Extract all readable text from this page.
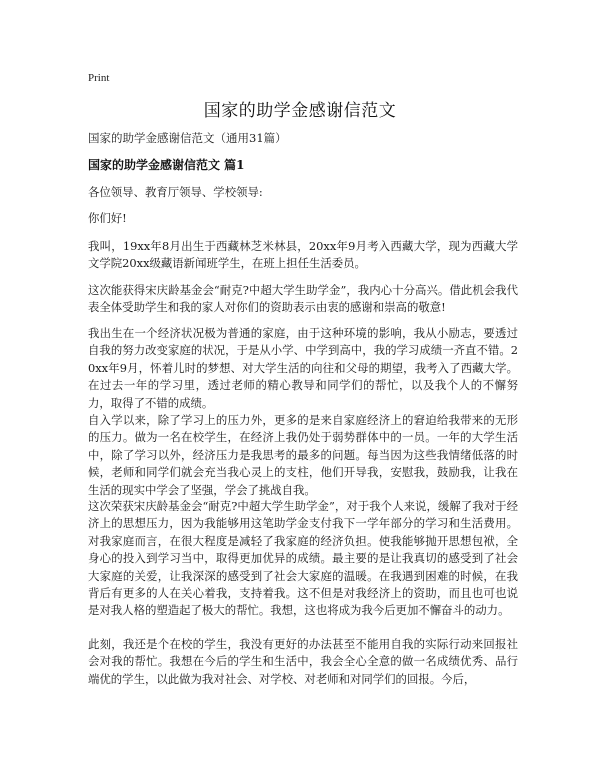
Print
国家的助学金感谢信范文

国家的助学金感谢信范文（通用31篇）

国家的助学金感谢信范文 篇1

各位领导、教育厅领导、学校领导:

你们好!

我叫，19xx年8月出生于西藏林芝米林县，20xx年9月考入西藏大学，现为西藏大学文学院20xx级藏语新闻班学生，在班上担任生活委员。

这次能获得宋庆龄基金会“耐克?中超大学生助学金”，我内心十分高兴。借此机会我代表全体受助学生和我的家人对你们的资助表示由衷的感谢和崇高的敬意!

我出生在一个经济状况极为普通的家庭，由于这种环境的影响，我从小励志，要透过自我的努力改变家庭的状况，于是从小学、中学到高中，我的学习成绩一齐直不错。20xx年9月，怀着儿时的梦想、对大学生活的向往和父母的期望，我考入了西藏大学。在过去一年的学习里，透过老师的精心教导和同学们的帮忙，以及我个人的不懈努力，取得了不错的成绩。

自入学以来，除了学习上的压力外，更多的是来自家庭经济上的窘迫给我带来的无形的压力。做为一名在校学生，在经济上我仍处于弱势群体中的一员。一年的大学生活中，除了学习以外，经济压力是我思考的最多的问题。每当因为这些我情绪低落的时候，老师和同学们就会充当我心灵上的支柱，他们开导我，安慰我，鼓励我，让我在生活的现实中学会了坚强，学会了挑战自我。

这次荣获宋庆龄基金会“耐克?中超大学生助学金”，对于我个人来说，缓解了我对于经济上的思想压力，因为我能够用这笔助学金支付我下一学年部分的学习和生活费用。对我家庭而言，在很大程度是减轻了我家庭的经济负担。使我能够抛开思想包袱，全身心的投入到学习当中，取得更加优异的成绩。最主要的是让我真切的感受到了社会大家庭的关爱，让我深深的感受到了社会大家庭的温暖。在我遇到困难的时候，在我背后有更多的人在关心着我，支持着我。这不但是对我经济上的资助，而且也可也说是对我人格的塑造起了极大的帮忙。我想，这也将成为我今后更加不懈奋斗的动力。

此刻，我还是个在校的学生，我没有更好的办法甚至不能用自我的实际行动来回报社会对我的帮忙。我想在今后的学生和生活中，我会全心全意的做一名成绩优秀、品行端优的学生，以此做为我对社会、对学校、对老师和对同学们的回报。今后，
